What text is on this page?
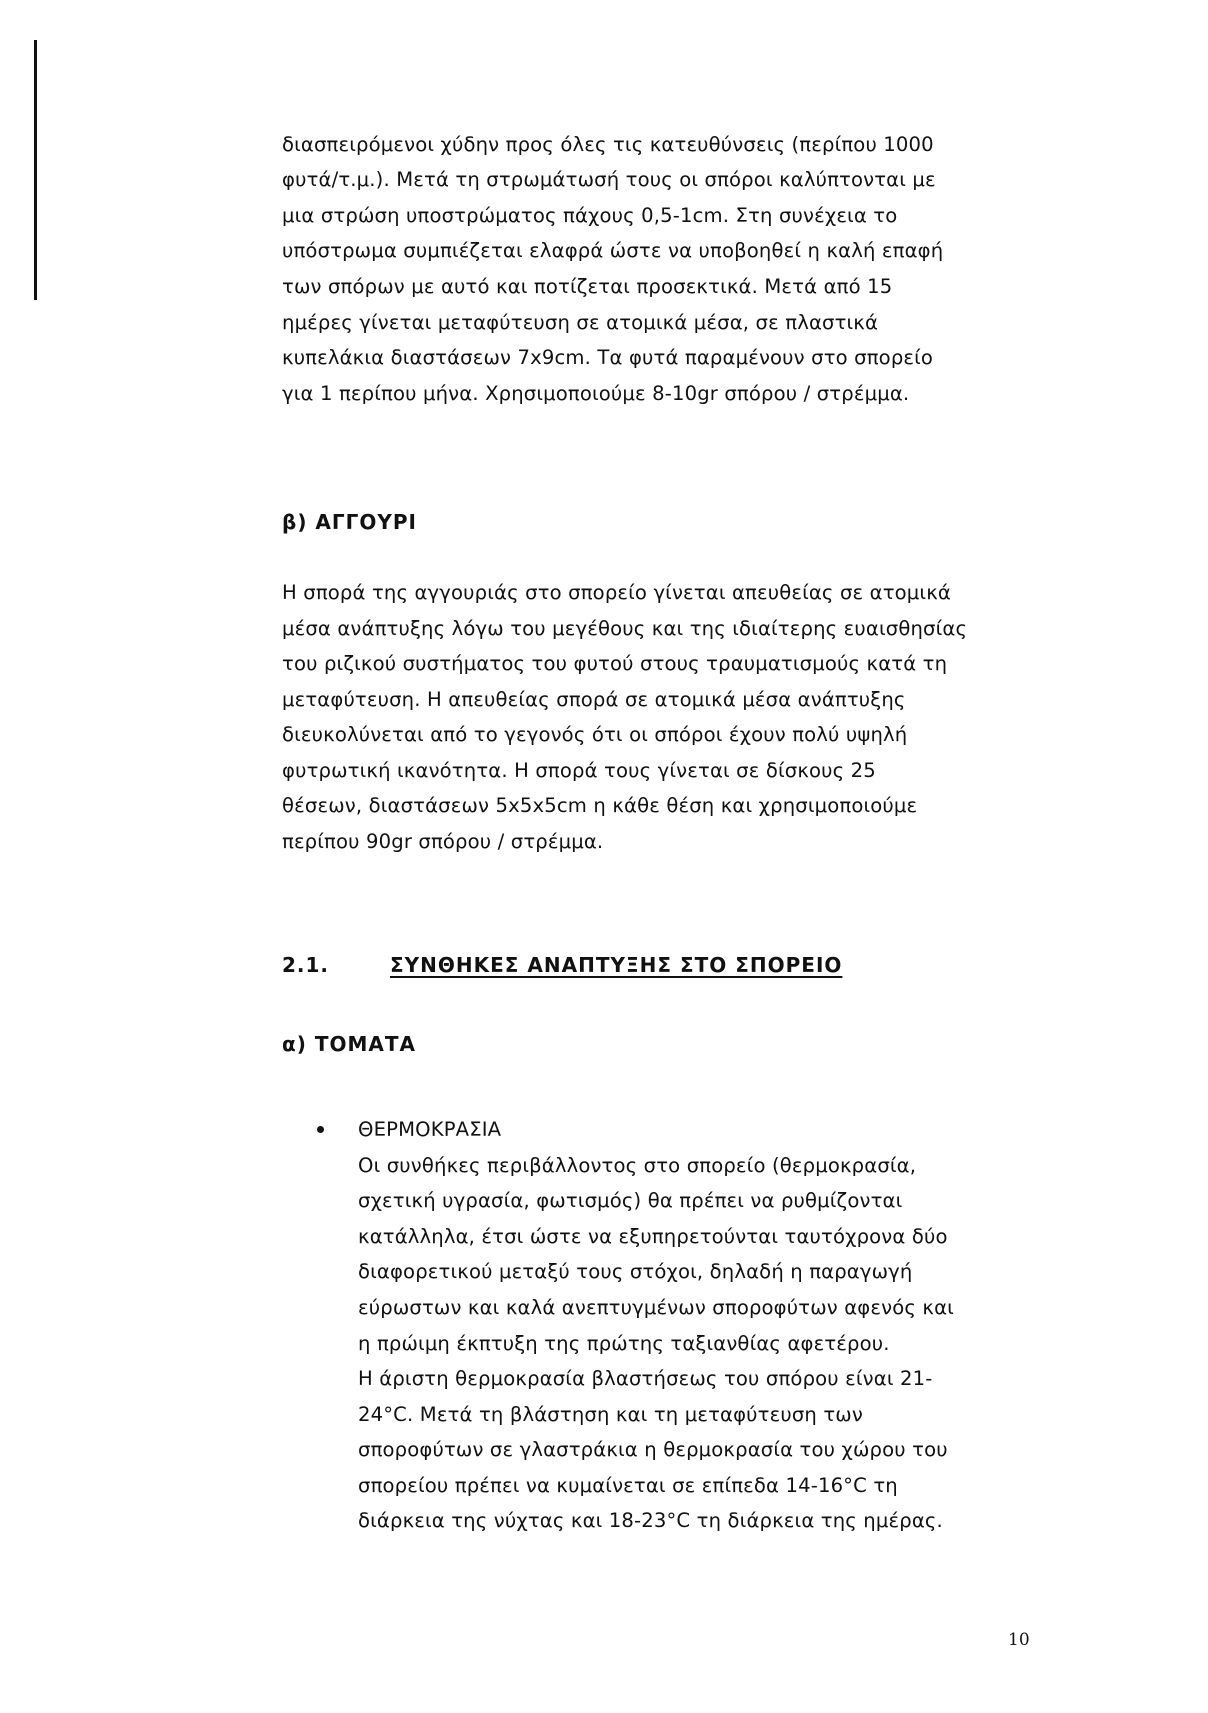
διασπειρόμενοι χύδην προς όλες τις κατευθύνσεις (περίπου 1000
φυτά/τ.μ.). Μετά τη στρωμάτωσή τους οι σπόροι καλύπτονται με
μια στρώση υποστρώματος πάχους 0,5-1cm. Στη συνέχεια το
υπόστρωμα συμπιέζεται ελαφρά ώστε να υποβοηθεί η καλή επαφή
των σπόρων με αυτό και ποτίζεται προσεκτικά. Μετά από 15
ημέρες γίνεται μεταφύτευση σε ατομικά μέσα, σε πλαστικά
κυπελάκια διαστάσεων 7x9cm. Τα φυτά παραμένουν στο σπορείο
για 1 περίπου μήνα. Χρησιμοποιούμε 8-10gr σπόρου / στρέμμα.
β) ΑΓΓΟΥΡΙ
Η σπορά της αγγουριάς στο σπορείο γίνεται απευθείας σε ατομικά
μέσα ανάπτυξης λόγω του μεγέθους και της ιδιαίτερης ευαισθησίας
του ριζικού συστήματος του φυτού στους τραυματισμούς κατά τη
μεταφύτευση. Η απευθείας σπορά σε ατομικά μέσα ανάπτυξης
διευκολύνεται από το γεγονός ότι οι σπόροι έχουν πολύ υψηλή
φυτρωτική ικανότητα. Η σπορά τους γίνεται σε δίσκους 25
θέσεων, διαστάσεων 5x5x5cm η κάθε θέση και χρησιμοποιούμε
περίπου 90gr σπόρου / στρέμμα.
2.1.	ΣΥΝΘΗΚΕΣ ΑΝΑΠΤΥΞΗΣ ΣΤΟ ΣΠΟΡΕΙΟ
α) ΤΟΜΑΤΑ
ΘΕΡΜΟΚΡΑΣΙΑ
Οι συνθήκες περιβάλλοντος στο σπορείο (θερμοκρασία,
σχετική υγρασία, φωτισμός) θα πρέπει να ρυθμίζονται
κατάλληλα, έτσι ώστε να εξυπηρετούνται ταυτόχρονα δύο
διαφορετικού μεταξύ τους στόχοι, δηλαδή η παραγωγή
εύρωστων και καλά ανεπτυγμένων σποροφύτων αφενός και
η πρώιμη έκπτυξη της πρώτης ταξιανθίας αφετέρου.
Η άριστη θερμοκρασία βλαστήσεως του σπόρου είναι 21-
24°C. Μετά τη βλάστηση και τη μεταφύτευση των
σποροφύτων σε γλαστράκια η θερμοκρασία του χώρου του
σπορείου πρέπει να κυμαίνεται σε επίπεδα 14-16°C τη
διάρκεια της νύχτας και 18-23°C τη διάρκεια της ημέρας.
10
